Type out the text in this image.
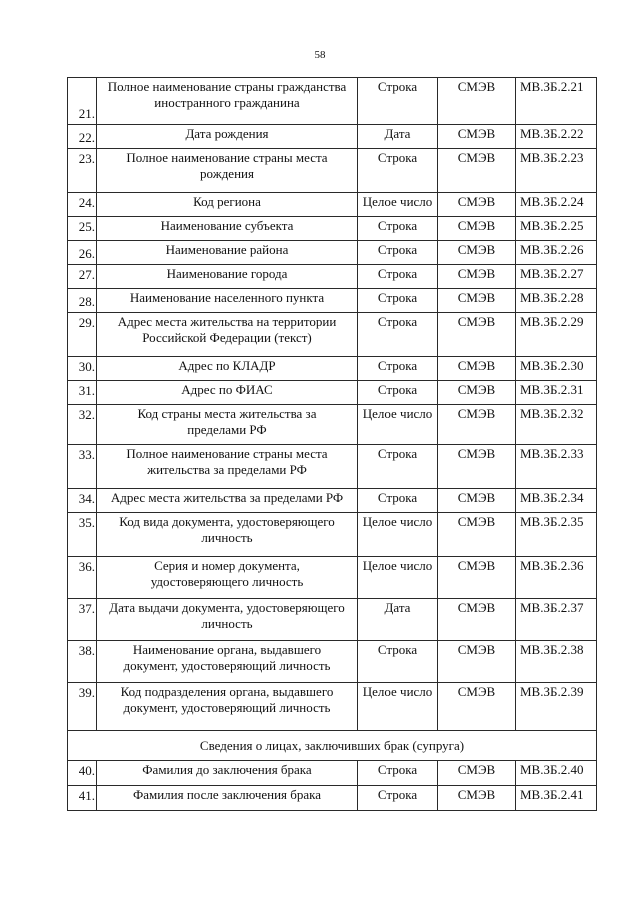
58
21.	Полное наименование страны гражданства
иностранного гражданина	Строка	СМЭВ	МВ.ЗБ.2.21
22.	Дата рождения	Дата	СМЭВ	МВ.ЗБ.2.22
23.	Полное наименование страны места
рождения	Строка	СМЭВ	МВ.ЗБ.2.23
24.	Код региона	Целое число	СМЭВ	МВ.ЗБ.2.24
25.	Наименование субъекта	Строка	СМЭВ	МВ.ЗБ.2.25
26.	Наименование района	Строка	СМЭВ	МВ.ЗБ.2.26
27.	Наименование города	Строка	СМЭВ	МВ.ЗБ.2.27
28.	Наименование населенного пункта	Строка	СМЭВ	МВ.ЗБ.2.28
29.	Адрес места жительства на территории
Российской Федерации (текст)	Строка	СМЭВ	МВ.ЗБ.2.29
30.	Адрес по КЛАДР	Строка	СМЭВ	МВ.ЗБ.2.30
31.	Адрес по ФИАС	Строка	СМЭВ	МВ.ЗБ.2.31
32.	Код страны места жительства за
пределами РФ	Целое число	СМЭВ	МВ.ЗБ.2.32
33.	Полное наименование страны места
жительства за пределами РФ	Строка	СМЭВ	МВ.ЗБ.2.33
34.	Адрес места жительства за пределами РФ	Строка	СМЭВ	МВ.ЗБ.2.34
35.	Код вида документа, удостоверяющего
личность	Целое число	СМЭВ	МВ.ЗБ.2.35
36.	Серия и номер документа,
удостоверяющего личность	Целое число	СМЭВ	МВ.ЗБ.2.36
37.	Дата выдачи документа, удостоверяющего
личность	Дата	СМЭВ	МВ.ЗБ.2.37
38.	Наименование органа, выдавшего
документ, удостоверяющий личность	Строка	СМЭВ	МВ.ЗБ.2.38
39.	Код подразделения органа, выдавшего
документ, удостоверяющий личность	Целое число	СМЭВ	МВ.ЗБ.2.39
Сведения о лицах, заключивших брак (супруга)				
40.	Фамилия до заключения брака	Строка	СМЭВ	МВ.ЗБ.2.40
41.	Фамилия после заключения брака	Строка	СМЭВ	МВ.ЗБ.2.41
